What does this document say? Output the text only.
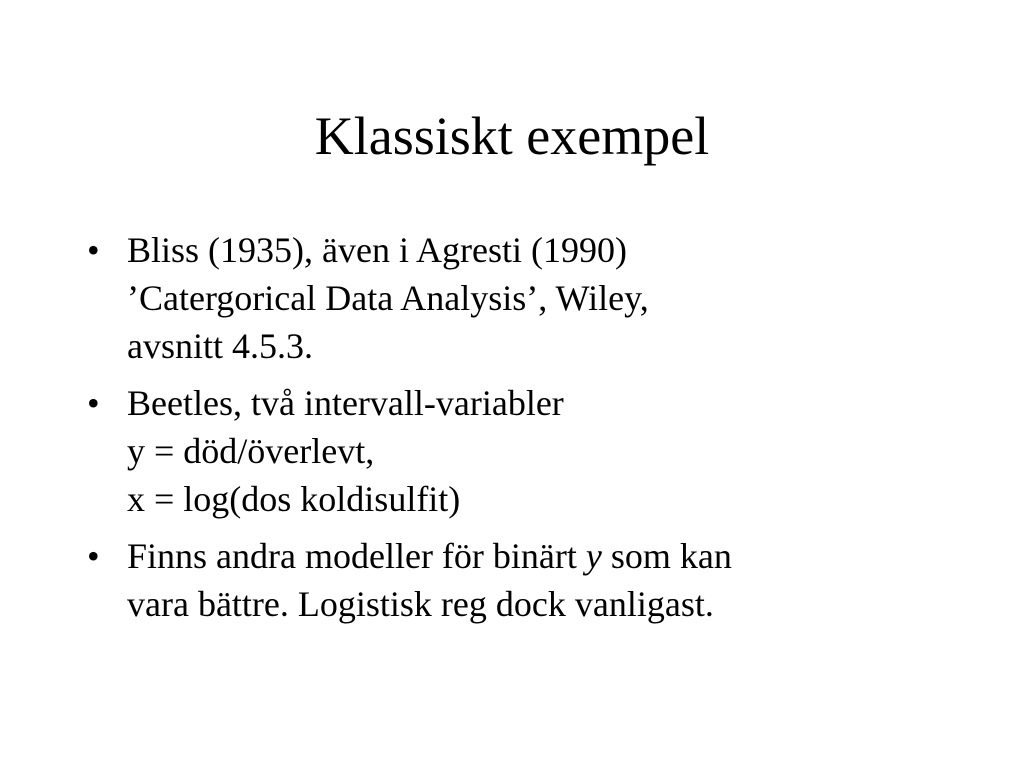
Klassiskt exempel
• Bliss (1935), även i Agresti (1990)
’Catergorical Data Analysis’, Wiley,
avsnitt 4.5.3.
• Beetles, två intervall-variabler
y = död/överlevt,
x = log(dos koldisulfit)
• Finns andra modeller för binärt y som kan
vara bättre. Logistisk reg dock vanligast.
